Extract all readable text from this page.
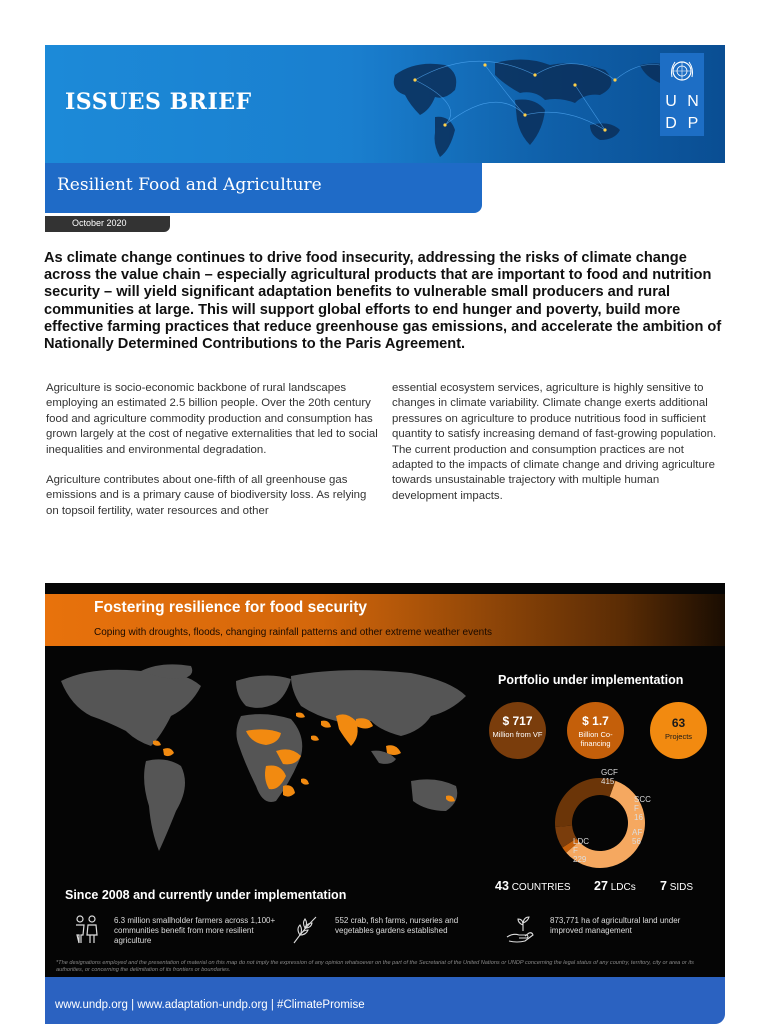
ISSUES BRIEF	U N
D P
Resilient Food and Agriculture
October 2020
As climate change continues to drive food insecurity, addressing the risks of climate change across the value chain – especially agricultural products that are important to food and nutrition security – will yield significant adaptation benefits to vulnerable small producers and rural communities at large. This will support global efforts to end hunger and poverty, build more effective farming practices that reduce greenhouse gas emissions, and accelerate the ambition of Nationally Determined Contributions to the Paris Agreement.

Agriculture is socio-economic backbone of rural landscapes employing an estimated 2.5 billion people. Over the 20th century food and agriculture commodity production and consumption has grown largely at the cost of negative externalities that led to social inequalities and environmental degradation.

Agriculture contributes about one-fifth of all greenhouse gas emissions and is a primary cause of biodiversity loss. As relying on topsoil fertility, water resources and other

essential ecosystem services, agriculture is highly sensitive to changes in climate variability. Climate change exerts additional pressures on agriculture to produce nutritious food in sufficient quantity to satisfy increasing demand of fast-growing population. The current production and consumption practices are not adapted to the impacts of climate change and driving agriculture towards unsustainable trajectory with multiple human development impacts.

Fostering resilience for food security
Coping with droughts, floods, changing rainfall patterns and other extreme weather events
Portfolio under implementation
$ 717
Million from VF
$ 1.7
Billion Co-financing
63
Projects
GCF
415
SCC F
16
AF
56
LDC F
229
43 COUNTRIES 27 LDCs 7 SIDS
Since 2008 and currently under implementation
6.3 million smallholder farmers across 1,100+ communities benefit from more resilient agriculture
552 crab, fish farms, nurseries and vegetables gardens established
873,771 ha of agricultural land under improved management
*The designations employed and the presentation of material on this map do not imply the expression of any opinion whatsoever on the part of the Secretariat of the United Nations or UNDP concerning the legal status of any country, territory, city or area or its authorities, or concerning the delimitation of its frontiers or boundaries.
www.undp.org | www.adaptation-undp.org | #ClimatePromise
